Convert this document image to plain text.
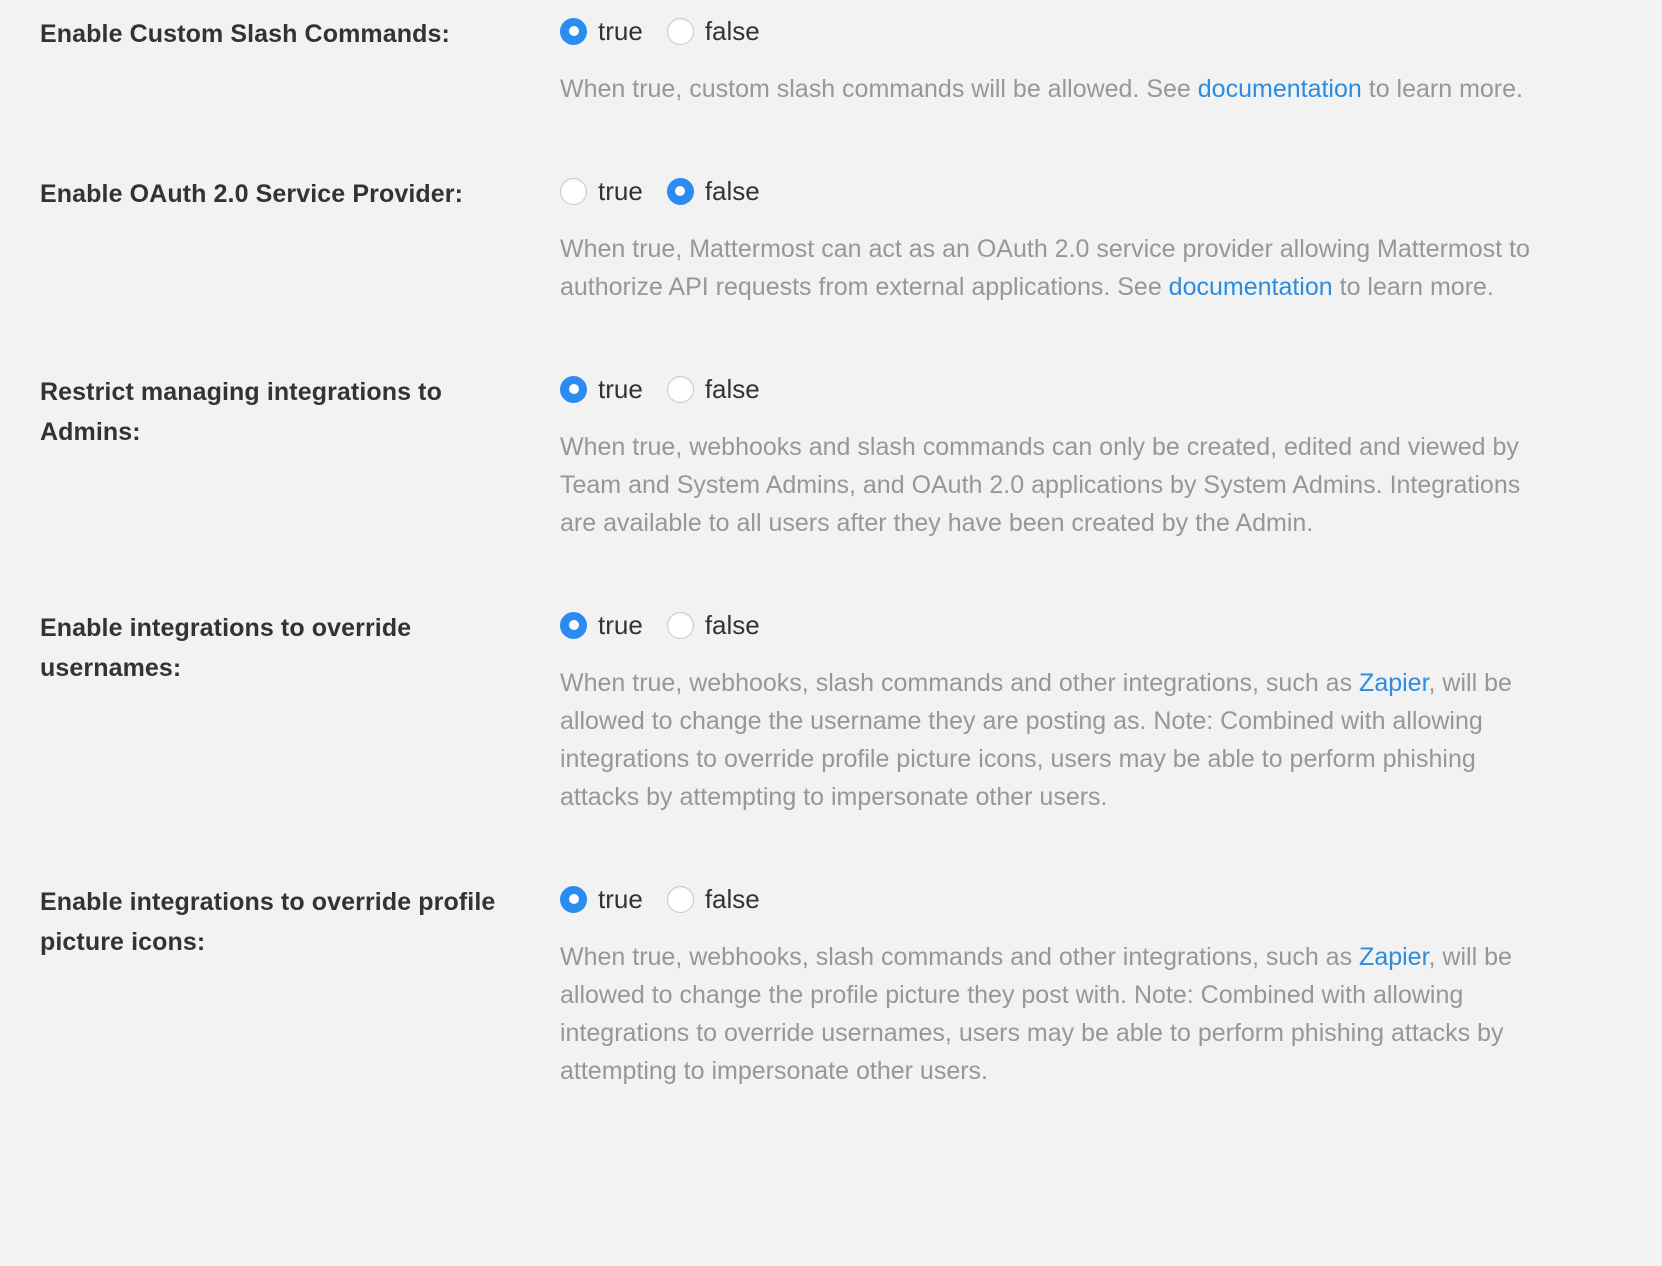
Enable Custom Slash Commands:	true false
When true, custom slash commands will be allowed. See documentation to learn more.
Enable OAuth 2.0 Service Provider:	true false
When true, Mattermost can act as an OAuth 2.0 service provider allowing Mattermost to authorize API requests from external applications. See documentation to learn more.
Restrict managing integrations to Admins:
true false
When true, webhooks and slash commands can only be created, edited and viewed by Team and System Admins, and OAuth 2.0 applications by System Admins. Integrations are available to all users after they have been created by the Admin.
Enable integrations to override usernames:
true false
When true, webhooks, slash commands and other integrations, such as Zapier, will be allowed to change the username they are posting as. Note: Combined with allowing integrations to override profile picture icons, users may be able to perform phishing attacks by attempting to impersonate other users.
Enable integrations to override profile picture icons:
true false
When true, webhooks, slash commands and other integrations, such as Zapier, will be allowed to change the profile picture they post with. Note: Combined with allowing integrations to override usernames, users may be able to perform phishing attacks by attempting to impersonate other users.
